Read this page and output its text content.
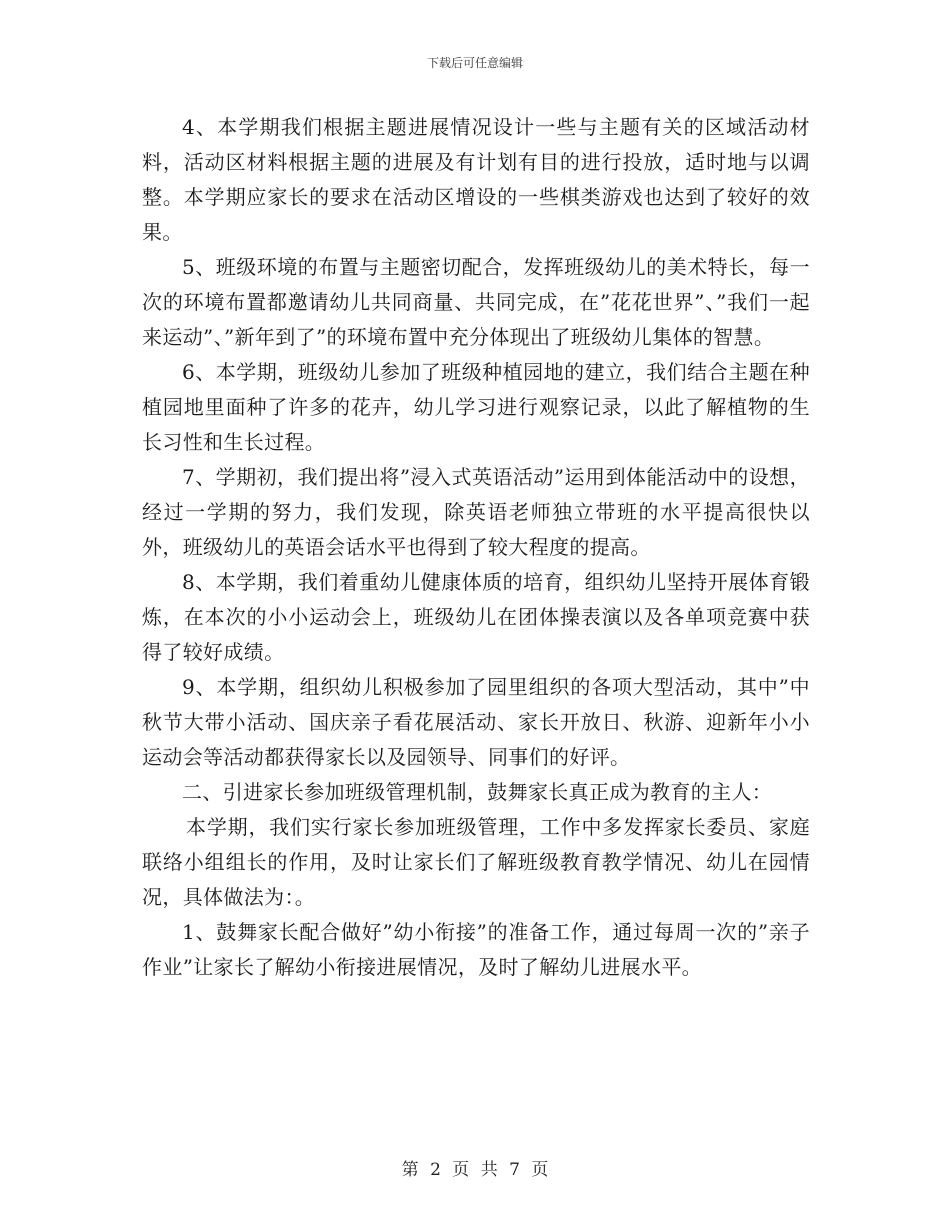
下载后可任意编辑

4、本学期我们根据主题进展情况设计一些与主题有关的区域活动材料，活动区材料根据主题的进展及有计划有目的进行投放，适时地与以调整。本学期应家长的要求在活动区增设的一些棋类游戏也达到了较好的效果。

5、班级环境的布置与主题密切配合，发挥班级幼儿的美术特长，每一次的环境布置都邀请幼儿共同商量、共同完成，在”花花世界”、”我们一起来运动”、”新年到了”的环境布置中充分体现出了班级幼儿集体的智慧。

6、本学期，班级幼儿参加了班级种植园地的建立，我们结合主题在种植园地里面种了许多的花卉，幼儿学习进行观察记录，以此了解植物的生长习性和生长过程。

7、学期初，我们提出将”浸入式英语活动”运用到体能活动中的设想，经过一学期的努力，我们发现，除英语老师独立带班的水平提高很快以外，班级幼儿的英语会话水平也得到了较大程度的提高。

8、本学期，我们着重幼儿健康体质的培育，组织幼儿坚持开展体育锻炼，在本次的小小运动会上，班级幼儿在团体操表演以及各单项竞赛中获得了较好成绩。

9、本学期，组织幼儿积极参加了园里组织的各项大型活动，其中”中秋节大带小活动、国庆亲子看花展活动、家长开放日、秋游、迎新年小小运动会等活动都获得家长以及园领导、同事们的好评。

二、引进家长参加班级管理机制，鼓舞家长真正成为教育的主人：

本学期，我们实行家长参加班级管理，工作中多发挥家长委员、家庭联络小组组长的作用，及时让家长们了解班级教育教学情况、幼儿在园情况，具体做法为：。

1、鼓舞家长配合做好”幼小衔接”的准备工作，通过每周一次的”亲子作业”让家长了解幼小衔接进展情况，及时了解幼儿进展水平。

第 2 页 共 7 页
